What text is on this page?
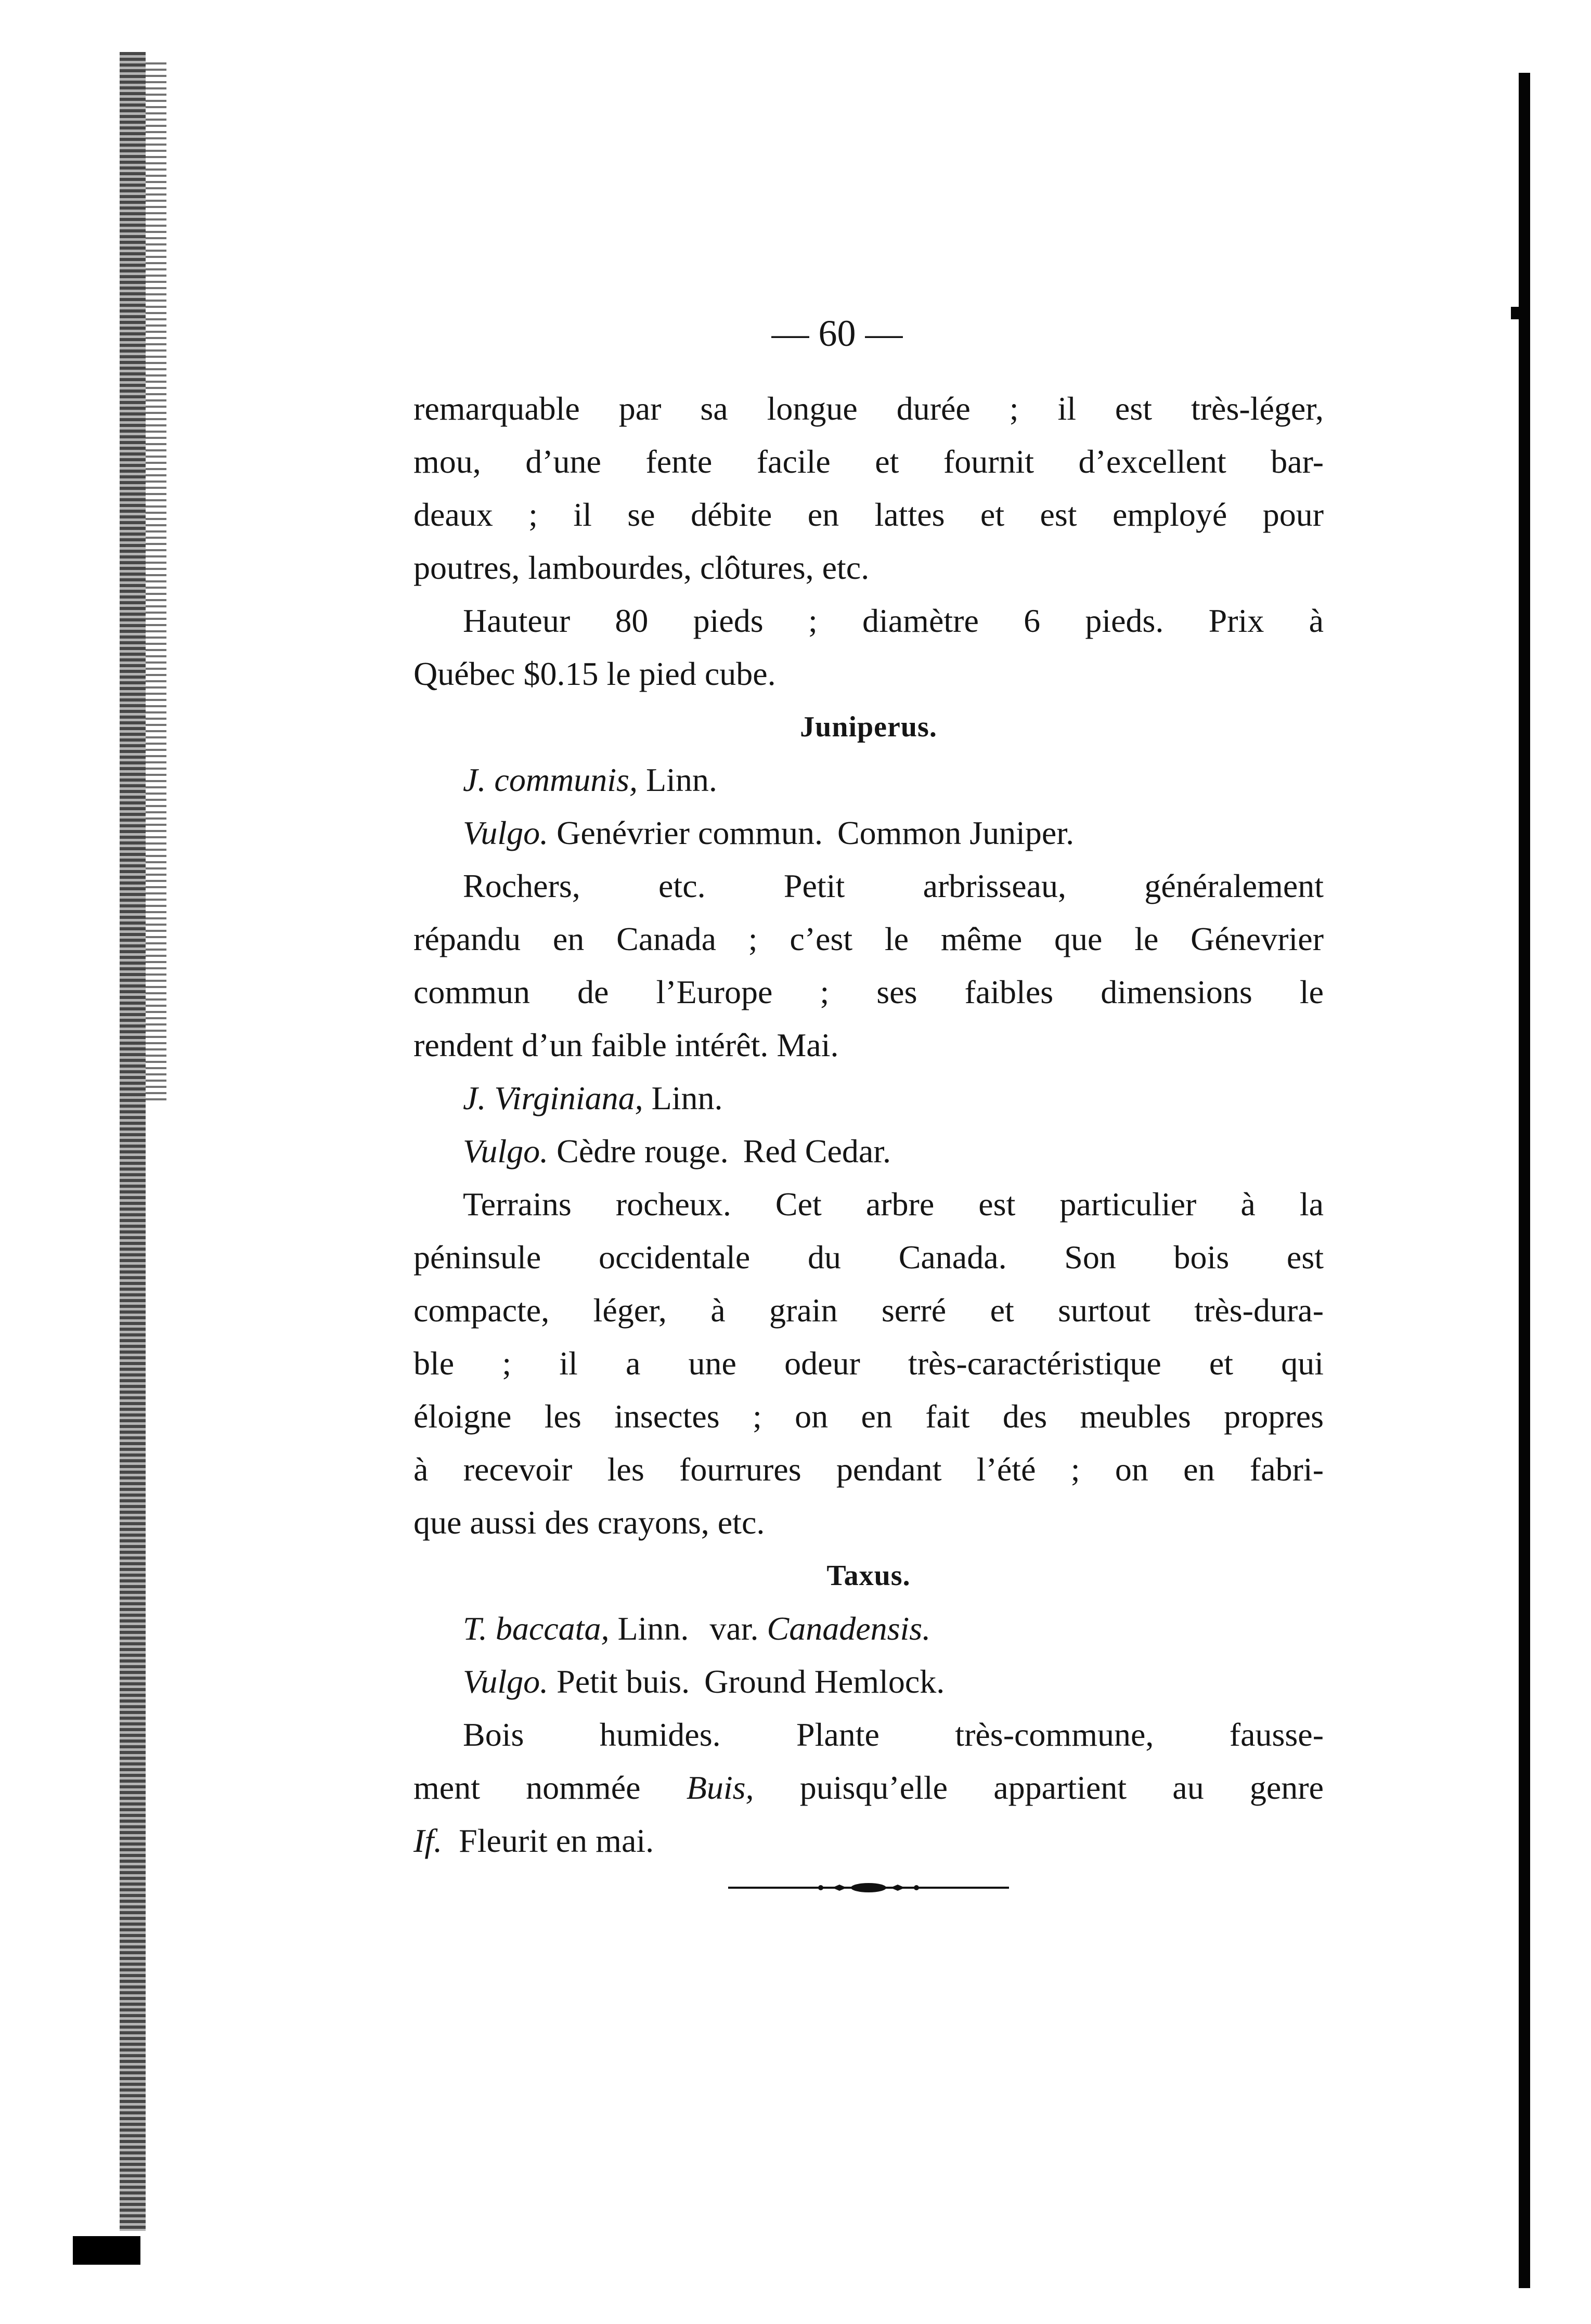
— 60 —
remarquable par sa longue durée ; il est très-léger,
mou, d’une fente facile et fournit d’excellent bar-
deaux ; il se débite en lattes et est employé pour
poutres, lambourdes, clôtures, etc.
Hauteur 80 pieds ; diamètre 6 pieds. Prix à
Québec $0.15 le pied cube.
Juniperus.
J. communis, Linn.
Vulgo. Genévrier commun. Common Juniper.
Rochers, etc. Petit arbrisseau, généralement
répandu en Canada ; c’est le même que le Génevrier
commun de l’Europe ; ses faibles dimensions le
rendent d’un faible intérêt. Mai.
J. Virginiana, Linn.
Vulgo. Cèdre rouge. Red Cedar.
Terrains rocheux. Cet arbre est particulier à la
péninsule occidentale du Canada. Son bois est
compacte, léger, à grain serré et surtout très-dura-
ble ; il a une odeur très-caractéristique et qui
éloigne les insectes ; on en fait des meubles propres
à recevoir les fourrures pendant l’été ; on en fabri-
que aussi des crayons, etc.
Taxus.
T. baccata, Linn. var. Canadensis.
Vulgo. Petit buis. Ground Hemlock.
Bois humides. Plante très-commune, fausse-
ment nommée Buis, puisqu’elle appartient au genre
If. Fleurit en mai.
